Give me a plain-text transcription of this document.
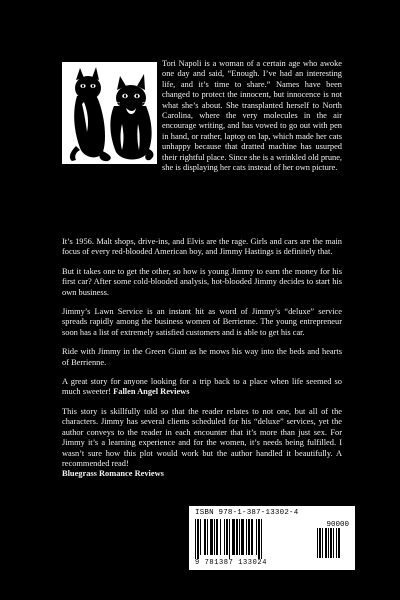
Tori Napoli is a woman of a certain age who awoke one day and said, “Enough. I’ve had an interesting life, and it’s time to share.” Names have been changed to protect the innocent, but innocence is not what she’s about. She transplanted herself to North Carolina, where the very molecules in the air encourage writing, and has vowed to go out with pen in hand, or rather, laptop on lap, which made her cats unhappy because that dratted machine has usurped their rightful place. Since she is a wrinkled old prune, she is displaying her cats instead of her own picture.

It’s 1956. Malt shops, drive-ins, and Elvis are the rage. Girls and cars are the main focus of every red-blooded American boy, and Jimmy Hastings is definitely that.

But it takes one to get the other, so how is young Jimmy to earn the money for his first car? After some cold-blooded analysis, hot-blooded Jimmy decides to start his own business.

Jimmy’s Lawn Service is an instant hit as word of Jimmy’s “deluxe” service spreads rapidly among the business women of Berrienne. The young entrepreneur soon has a list of extremely satisfied customers and is able to get his car.

Ride with Jimmy in the Green Giant as he mows his way into the beds and hearts of Berrienne.

A great story for anyone looking for a trip back to a place when life seemed so much sweeter! Fallen Angel Reviews
This story is skillfully told so that the reader relates to not one, but all of the characters. Jimmy has several clients scheduled for his “deluxe” services, yet the author conveys to the reader in each encounter that it’s more than just sex. For Jimmy it’s a learning experience and for the women, it’s needs being fulfilled. I wasn’t sure how this plot would work but the author handled it beautifully. A recommended read!
Bluegrass Romance Reviews
ISBN 978-1-387-13302-4
90000
9 781387 133024
